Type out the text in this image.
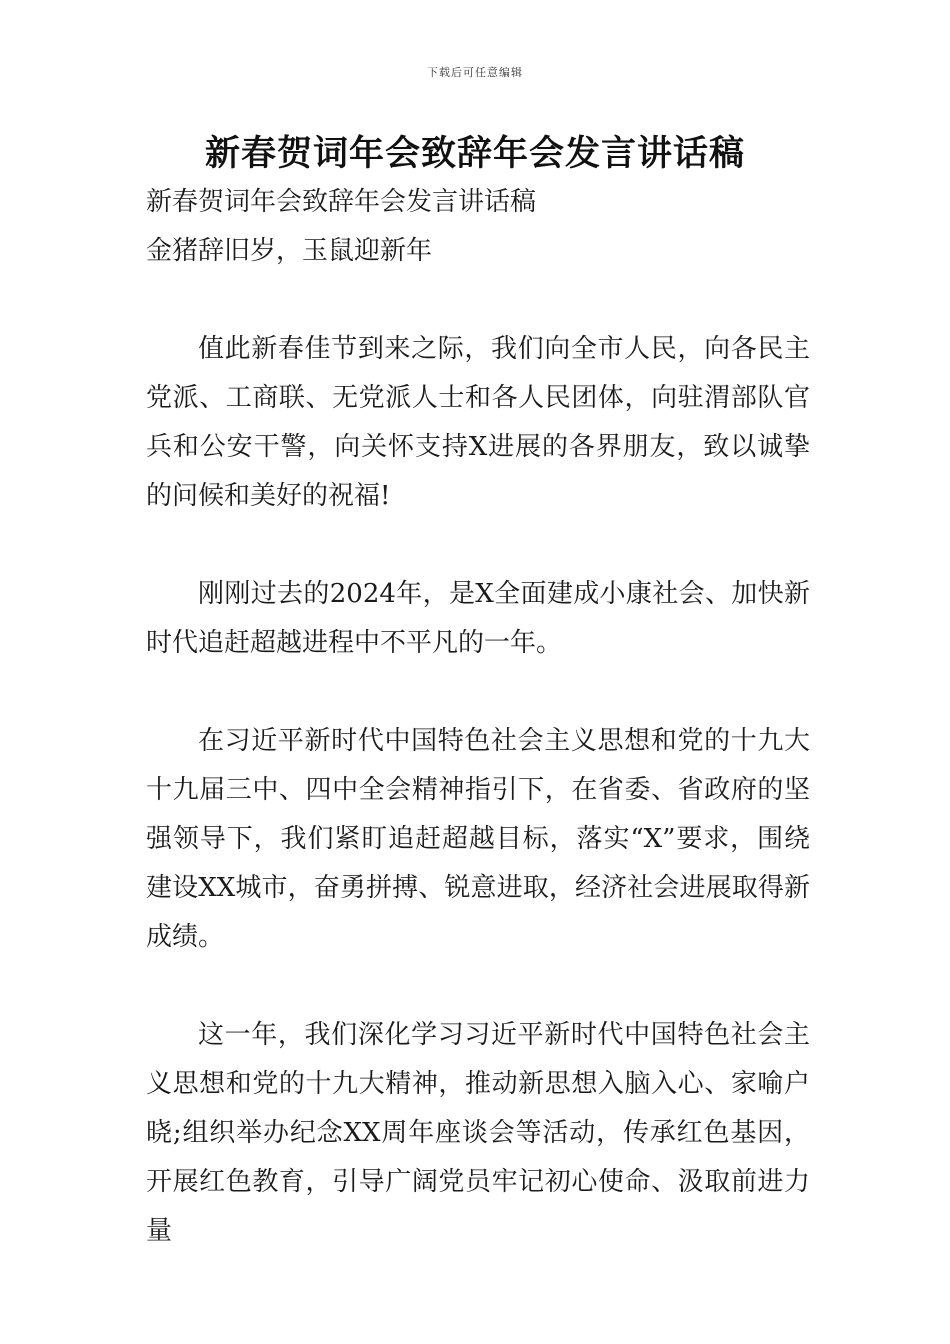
下载后可任意编辑
新春贺词年会致辞年会发言讲话稿

新春贺词年会致辞年会发言讲话稿

金猪辞旧岁，玉鼠迎新年

值此新春佳节到来之际，我们向全市人民，向各民主党派、工商联、无党派人士和各人民团体，向驻渭部队官兵和公安干警，向关怀支持X进展的各界朋友，致以诚挚的问候和美好的祝福!

刚刚过去的2024年，是X全面建成小康社会、加快新时代追赶超越进程中不平凡的一年。

在习近平新时代中国特色社会主义思想和党的十九大十九届三中、四中全会精神指引下，在省委、省政府的坚强领导下，我们紧盯追赶超越目标，落实“X”要求，围绕建设XX城市，奋勇拼搏、锐意进取，经济社会进展取得新成绩。

这一年，我们深化学习习近平新时代中国特色社会主义思想和党的十九大精神，推动新思想入脑入心、家喻户晓;组织举办纪念XX周年座谈会等活动，传承红色基因，开展红色教育，引导广阔党员牢记初心使命、汲取前进力量
